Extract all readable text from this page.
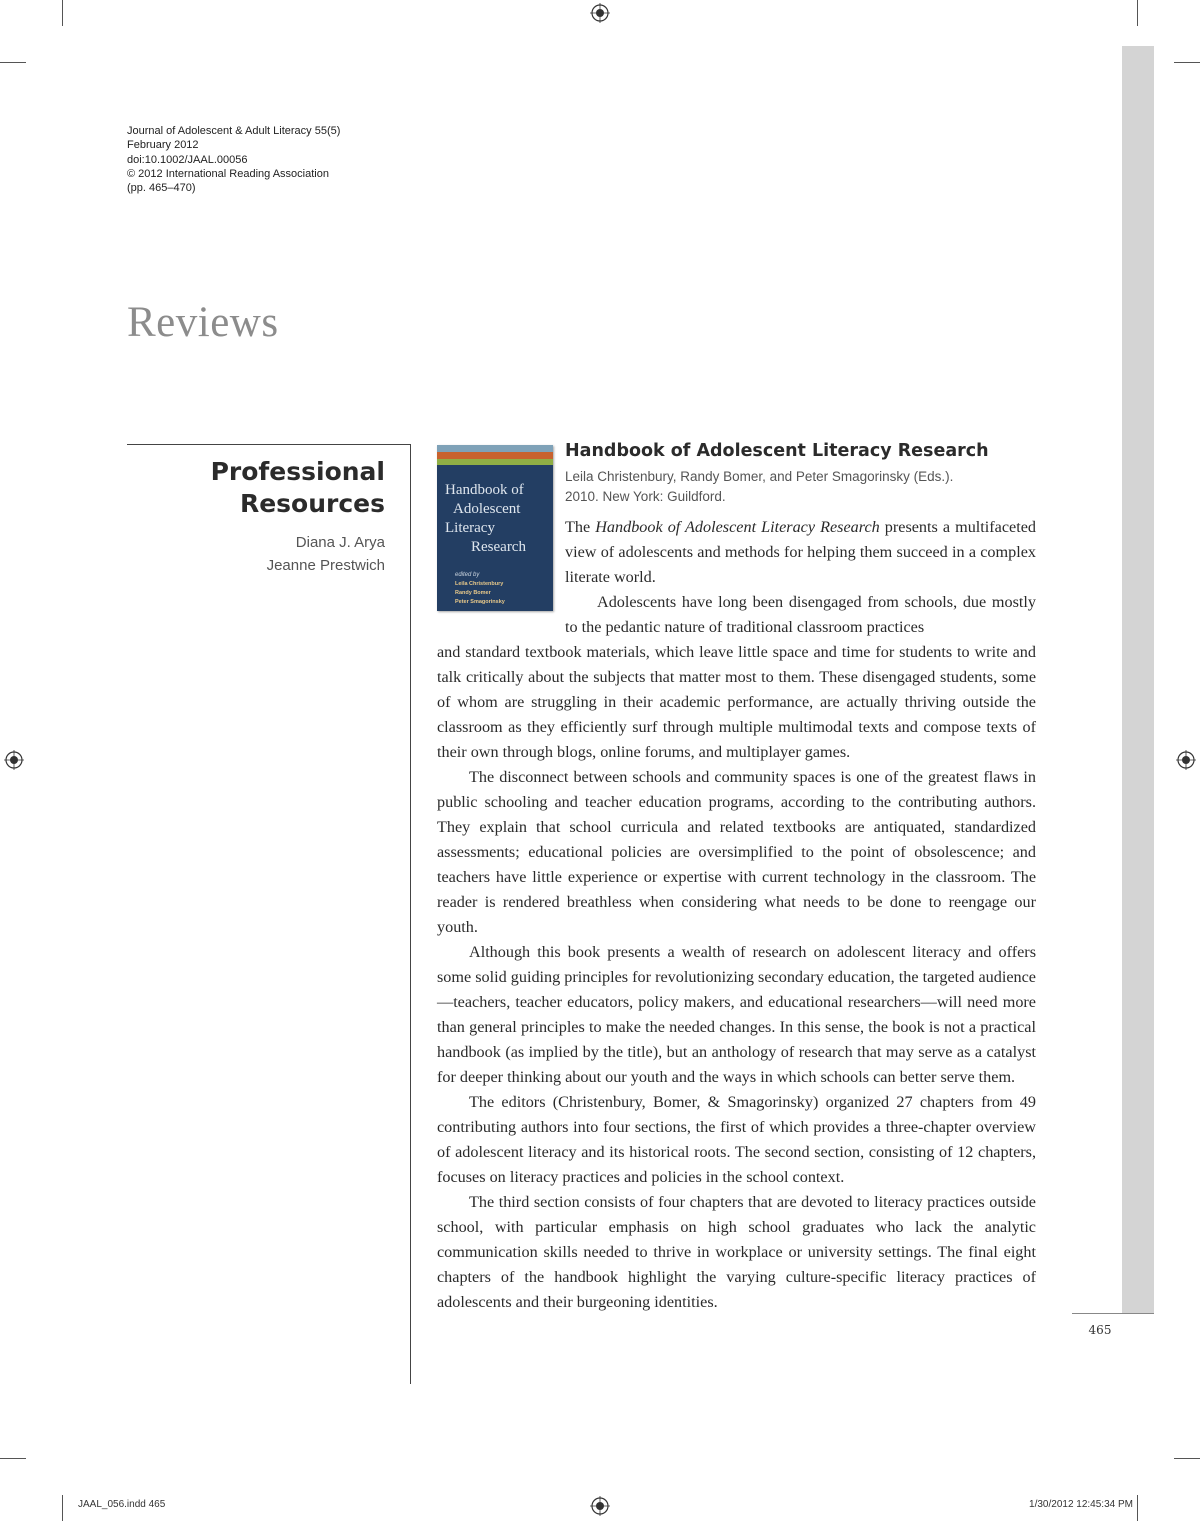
465
Journal of Adolescent & Adult Literacy 55(5)
February 2012
doi:10.1002/JAAL.00056
© 2012 International Reading Association
(pp. 465–470)
Reviews
Professional
Resources
Diana J. Arya
Jeanne Prestwich
Handbook of
Adolescent
Literacy
Research
edited by
Leila Christenbury
Randy Bomer
Peter Smagorinsky
Handbook of Adolescent Literacy Research
Leila Christenbury, Randy Bomer, and Peter Smagorinsky (Eds.).
2010. New York: Guildford.
The Handbook of Adolescent Literacy Research presents a multifaceted view of adolescents and methods for helping them succeed in a complex literate world.
Adolescents have long been disengaged from schools, due mostly to the pedantic nature of traditional classroom practices

and standard textbook materials, which leave little space and time for students to write and talk critically about the subjects that matter most to them. These disengaged students, some of whom are struggling in their academic performance, are actually thriving outside the classroom as they efficiently surf through multiple multimodal texts and compose texts of their own through blogs, online forums, and multiplayer games.

The disconnect between schools and community spaces is one of the greatest flaws in public schooling and teacher education programs, according to the contributing authors. They explain that school curricula and related textbooks are antiquated, standardized assessments; educational policies are oversimplified to the point of obsolescence; and teachers have little experience or expertise with current technology in the classroom. The reader is rendered breathless when considering what needs to be done to reengage our youth.

Although this book presents a wealth of research on adolescent literacy and offers some solid guiding principles for revolutionizing secondary education, the targeted audience—teachers, teacher educators, policy makers, and educational researchers—will need more than general principles to make the needed changes. In this sense, the book is not a practical handbook (as implied by the title), but an anthology of research that may serve as a catalyst for deeper thinking about our youth and the ways in which schools can better serve them.

The editors (Christenbury, Bomer, & Smagorinsky) organized 27 chapters from 49 contributing authors into four sections, the first of which provides a three-chapter overview of adolescent literacy and its historical roots. The second section, consisting of 12 chapters, focuses on literacy practices and policies in the school context.

The third section consists of four chapters that are devoted to literacy practices outside school, with particular emphasis on high school graduates who lack the analytic communication skills needed to thrive in workplace or university settings. The final eight chapters of the handbook highlight the varying culture-specific literacy practices of adolescents and their burgeoning identities.

JAAL_056.indd 465	1/30/2012 12:45:34 PM
